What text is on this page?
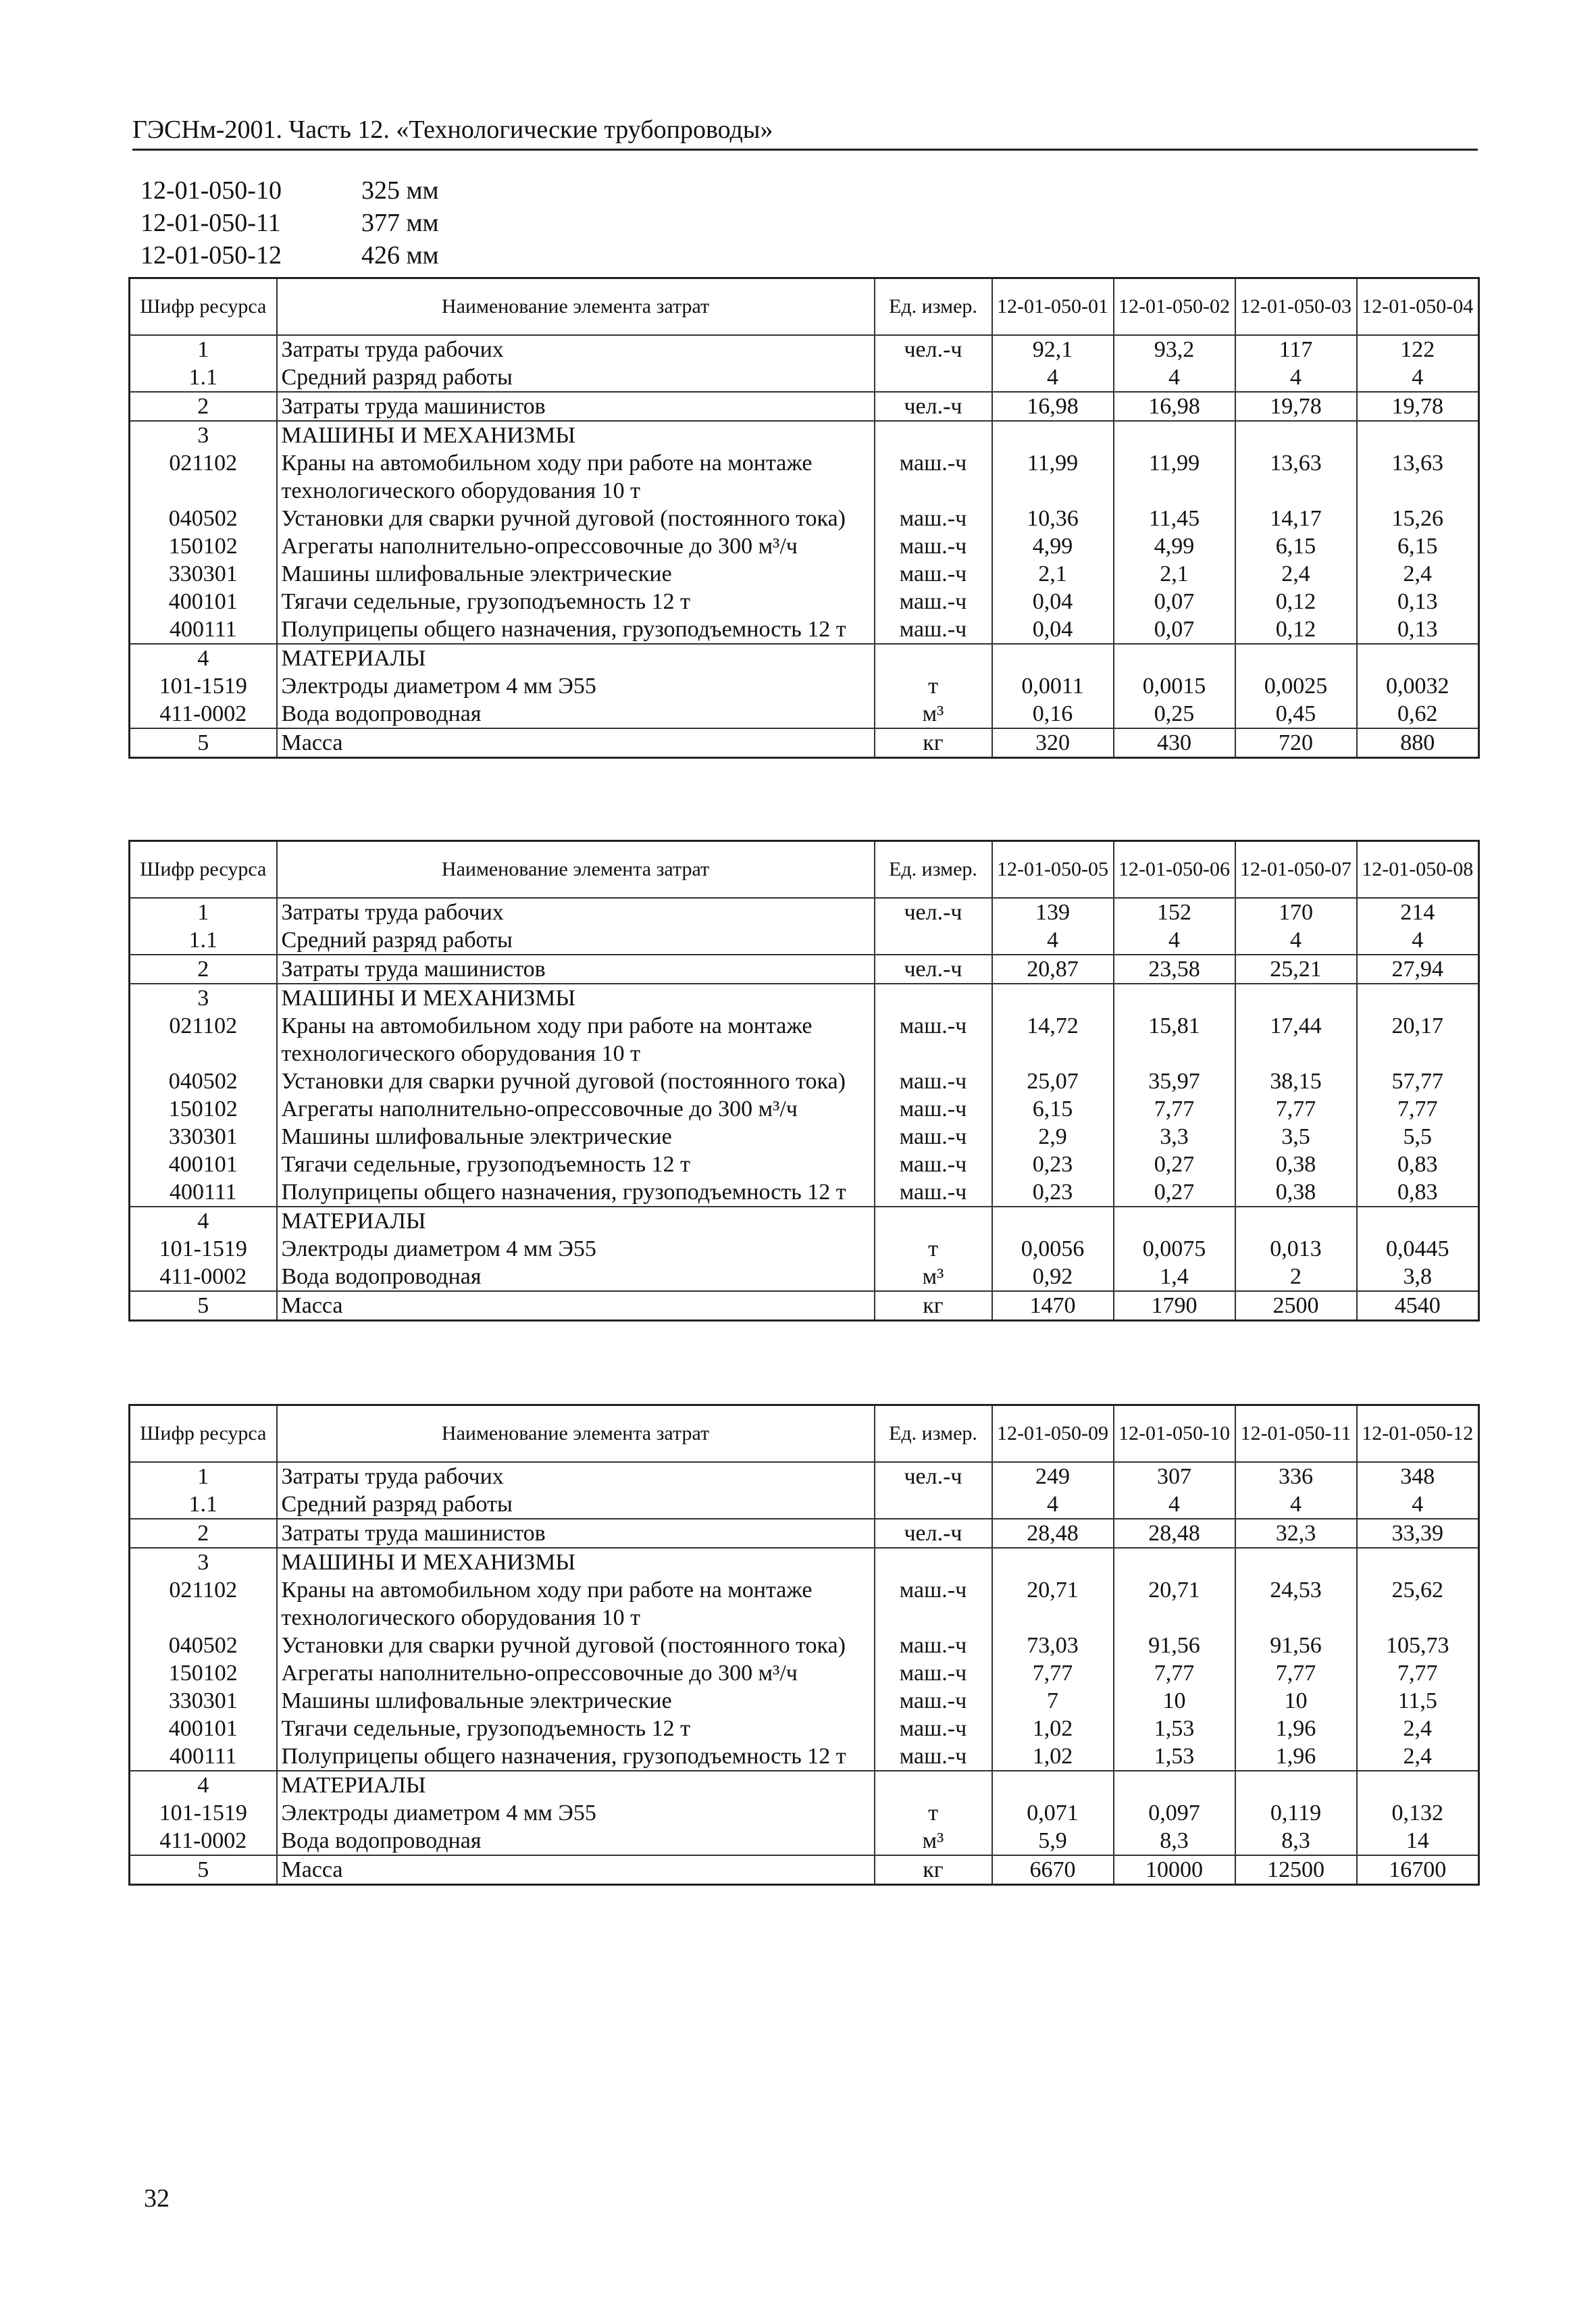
ГЭСНм-2001. Часть 12. «Технологические трубопроводы»
12-01-050-10	325 мм
12-01-050-11	377 мм
12-01-050-12	426 мм
Шифр ресурса	Наименование элемента затрат	Ед. измер.	12-01-050-01	12-01-050-02	12-01-050-03	12-01-050-04
1	Затраты труда рабочих	чел.-ч	92,1	93,2	117	122
1.1	Средний разряд работы		4	4	4	4
2	Затраты труда машинистов	чел.-ч	16,98	16,98	19,78	19,78
3	МАШИНЫ И МЕХАНИЗМЫ					
021102	Краны на автомобильном ходу при работе на монтаже технологического оборудования 10 т	маш.-ч	11,99	11,99	13,63	13,63
040502	Установки для сварки ручной дуговой (постоянного тока)	маш.-ч	10,36	11,45	14,17	15,26
150102	Агрегаты наполнительно-опрессовочные до 300 м³/ч	маш.-ч	4,99	4,99	6,15	6,15
330301	Машины шлифовальные электрические	маш.-ч	2,1	2,1	2,4	2,4
400101	Тягачи седельные, грузоподъемность 12 т	маш.-ч	0,04	0,07	0,12	0,13
400111	Полуприцепы общего назначения, грузоподъемность 12 т	маш.-ч	0,04	0,07	0,12	0,13
4	МАТЕРИАЛЫ					
101-1519	Электроды диаметром 4 мм Э55	т	0,0011	0,0015	0,0025	0,0032
411-0002	Вода водопроводная	м³	0,16	0,25	0,45	0,62
5	Масса	кг	320	430	720	880
Шифр ресурса	Наименование элемента затрат	Ед. измер.	12-01-050-05	12-01-050-06	12-01-050-07	12-01-050-08
1	Затраты труда рабочих	чел.-ч	139	152	170	214
1.1	Средний разряд работы		4	4	4	4
2	Затраты труда машинистов	чел.-ч	20,87	23,58	25,21	27,94
3	МАШИНЫ И МЕХАНИЗМЫ					
021102	Краны на автомобильном ходу при работе на монтаже технологического оборудования 10 т	маш.-ч	14,72	15,81	17,44	20,17
040502	Установки для сварки ручной дуговой (постоянного тока)	маш.-ч	25,07	35,97	38,15	57,77
150102	Агрегаты наполнительно-опрессовочные до 300 м³/ч	маш.-ч	6,15	7,77	7,77	7,77
330301	Машины шлифовальные электрические	маш.-ч	2,9	3,3	3,5	5,5
400101	Тягачи седельные, грузоподъемность 12 т	маш.-ч	0,23	0,27	0,38	0,83
400111	Полуприцепы общего назначения, грузоподъемность 12 т	маш.-ч	0,23	0,27	0,38	0,83
4	МАТЕРИАЛЫ					
101-1519	Электроды диаметром 4 мм Э55	т	0,0056	0,0075	0,013	0,0445
411-0002	Вода водопроводная	м³	0,92	1,4	2	3,8
5	Масса	кг	1470	1790	2500	4540
Шифр ресурса	Наименование элемента затрат	Ед. измер.	12-01-050-09	12-01-050-10	12-01-050-11	12-01-050-12
1	Затраты труда рабочих	чел.-ч	249	307	336	348
1.1	Средний разряд работы		4	4	4	4
2	Затраты труда машинистов	чел.-ч	28,48	28,48	32,3	33,39
3	МАШИНЫ И МЕХАНИЗМЫ					
021102	Краны на автомобильном ходу при работе на монтаже технологического оборудования 10 т	маш.-ч	20,71	20,71	24,53	25,62
040502	Установки для сварки ручной дуговой (постоянного тока)	маш.-ч	73,03	91,56	91,56	105,73
150102	Агрегаты наполнительно-опрессовочные до 300 м³/ч	маш.-ч	7,77	7,77	7,77	7,77
330301	Машины шлифовальные электрические	маш.-ч	7	10	10	11,5
400101	Тягачи седельные, грузоподъемность 12 т	маш.-ч	1,02	1,53	1,96	2,4
400111	Полуприцепы общего назначения, грузоподъемность 12 т	маш.-ч	1,02	1,53	1,96	2,4
4	МАТЕРИАЛЫ					
101-1519	Электроды диаметром 4 мм Э55	т	0,071	0,097	0,119	0,132
411-0002	Вода водопроводная	м³	5,9	8,3	8,3	14
5	Масса	кг	6670	10000	12500	16700
32
